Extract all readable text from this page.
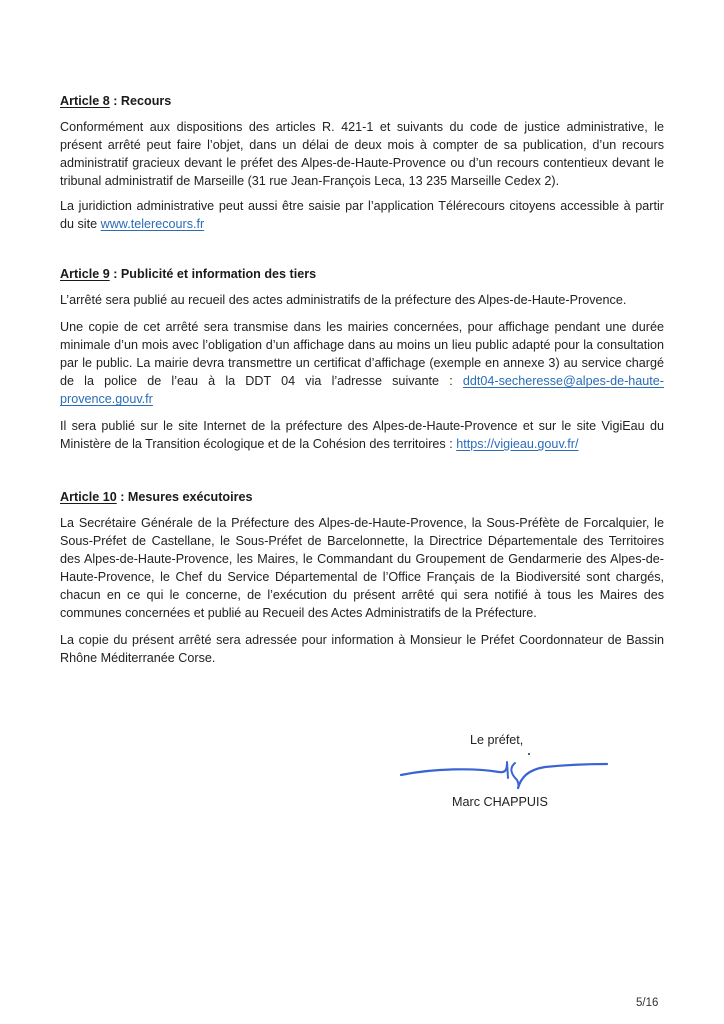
Article 8 : Recours

Conformément aux dispositions des articles R. 421-1 et suivants du code de justice administrative, le présent arrêté peut faire l’objet, dans un délai de deux mois à compter de sa publication, d’un recours administratif gracieux devant le préfet des Alpes-de-Haute-Provence ou d’un recours contentieux devant le tribunal administratif de Marseille (31 rue Jean-François Leca, 13 235 Marseille Cedex 2).

La juridiction administrative peut aussi être saisie par l’application Télérecours citoyens accessible à partir du site www.telerecours.fr

Article 9 : Publicité et information des tiers

L’arrêté sera publié au recueil des actes administratifs de la préfecture des Alpes-de-Haute-Provence.

Une copie de cet arrêté sera transmise dans les mairies concernées, pour affichage pendant une durée minimale d’un mois avec l’obligation d’un affichage dans au moins un lieu public adapté pour la consultation par le public. La mairie devra transmettre un certificat d’affichage (exemple en annexe 3) au service chargé de la police de l’eau à la DDT 04 via l’adresse suivante : ddt04-secheresse@alpes-de-haute-provence.gouv.fr

Il sera publié sur le site Internet de la préfecture des Alpes-de-Haute-Provence et sur le site VigiEau du Ministère de la Transition écologique et de la Cohésion des territoires : https://vigieau.gouv.fr/

Article 10 : Mesures exécutoires

La Secrétaire Générale de la Préfecture des Alpes-de-Haute-Provence, la Sous-Préfète de Forcalquier, le Sous-Préfet de Castellane, le Sous-Préfet de Barcelonnette, la Directrice Départementale des Territoires des Alpes-de-Haute-Provence, les Maires, le Commandant du Groupement de Gendarmerie des Alpes-de-Haute-Provence, le Chef du Service Départemental de l’Office Français de la Biodiversité sont chargés, chacun en ce qui le concerne, de l’exécution du présent arrêté qui sera notifié à tous les Maires des communes concernées et publié au Recueil des Actes Administratifs de la Préfecture.

La copie du présent arrêté sera adressée pour information à Monsieur le Préfet Coordonnateur de Bassin Rhône Méditerranée Corse.

Le préfet,
Marc CHAPPUIS
5/16
